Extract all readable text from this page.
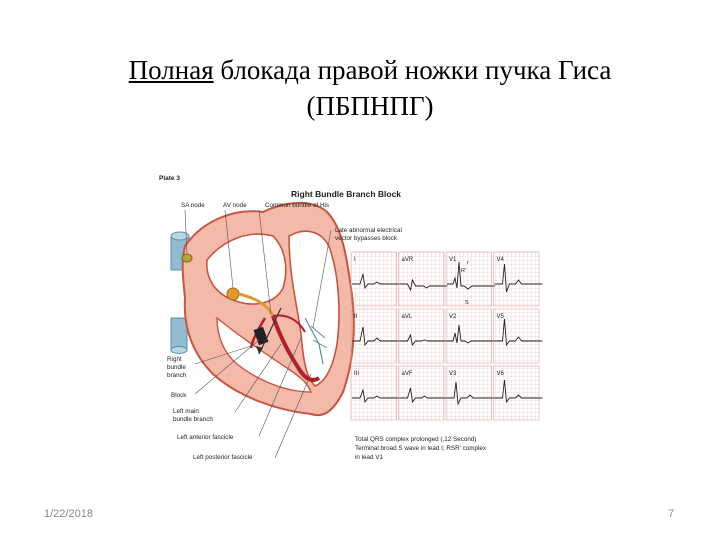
Полная блокада правой ножки пучка Гиса
(ПБПНПГ)
Plate 3
Right Bundle Branch Block
SA node	AV node	Common bundle of His
Late abnormal electrical
vector bypasses block
Right
bundle
branch
Block
Left main
bundle branch
Left anterior fascicle
Left posterior fascicle
I	aVR	V1	V4
II	aVL	V2	V5
III	aVF	V3	V6
r
R'
S
Total QRS complex prolonged (.12 Second)
Terminal broad S wave in lead I; RSR' complex
in lead V1
1/22/2018	7
